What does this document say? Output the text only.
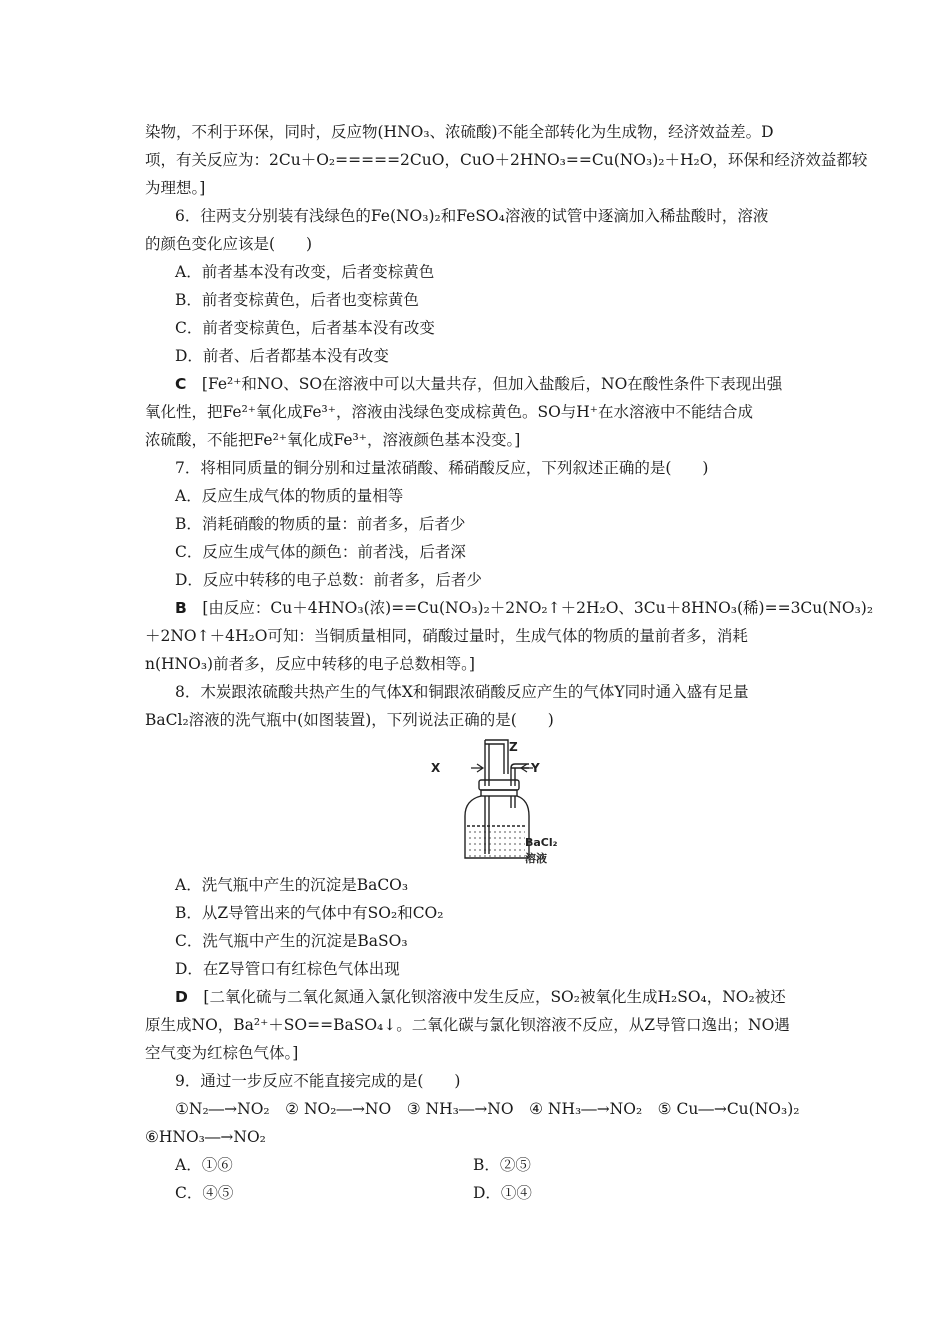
染物，不利于环保，同时，反应物(HNO₃、浓硫酸)不能全部转化为生成物，经济效益差。D
项，有关反应为：2Cu＋O₂=====2CuO，CuO＋2HNO₃==Cu(NO₃)₂＋H₂O，环保和经济效益都较
为理想。]
6．往两支分别装有浅绿色的Fe(NO₃)₂和FeSO₄溶液的试管中逐滴加入稀盐酸时，溶液
的颜色变化应该是(　　)
A．前者基本没有改变，后者变棕黄色
B．前者变棕黄色，后者也变棕黄色
C．前者变棕黄色，后者基本没有改变
D．前者、后者都基本没有改变
C　 [Fe²⁺和NO、SO在溶液中可以大量共存，但加入盐酸后，NO在酸性条件下表现出强
氧化性，把Fe²⁺氧化成Fe³⁺，溶液由浅绿色变成棕黄色。SO与H⁺在水溶液中不能结合成
浓硫酸，不能把Fe²⁺氧化成Fe³⁺，溶液颜色基本没变。]
7．将相同质量的铜分别和过量浓硝酸、稀硝酸反应，下列叙述正确的是(　　)
A．反应生成气体的物质的量相等
B．消耗硝酸的物质的量：前者多，后者少
C．反应生成气体的颜色：前者浅，后者深
D．反应中转移的电子总数：前者多，后者少
B　 [由反应：Cu＋4HNO₃(浓)==Cu(NO₃)₂＋2NO₂↑＋2H₂O、3Cu＋8HNO₃(稀)==3Cu(NO₃)₂
＋2NO↑＋4H₂O可知：当铜质量相同，硝酸过量时，生成气体的物质的量前者多，消耗
n(HNO₃)前者多，反应中转移的电子总数相等。]
8．木炭跟浓硫酸共热产生的气体X和铜跟浓硝酸反应产生的气体Y同时通入盛有足量
BaCl₂溶液的洗气瓶中(如图装置)，下列说法正确的是(　　)
X
Z
Y
BaCl₂
溶液
A．洗气瓶中产生的沉淀是BaCO₃
B．从Z导管出来的气体中有SO₂和CO₂
C．洗气瓶中产生的沉淀是BaSO₃
D．在Z导管口有红棕色气体出现
D　 [二氧化硫与二氧化氮通入氯化钡溶液中发生反应，SO₂被氧化生成H₂SO₄，NO₂被还
原生成NO，Ba²⁺＋SO==BaSO₄↓。二氧化碳与氯化钡溶液不反应，从Z导管口逸出；NO遇
空气变为红棕色气体。]
9．通过一步反应不能直接完成的是(　　)
①N₂―→NO₂　② NO₂―→NO　③ NH₃―→NO　④ NH₃―→NO₂　⑤ Cu―→Cu(NO₃)₂
⑥HNO₃―→NO₂
A．①⑥	B．②⑤
C．④⑤	D．①④
